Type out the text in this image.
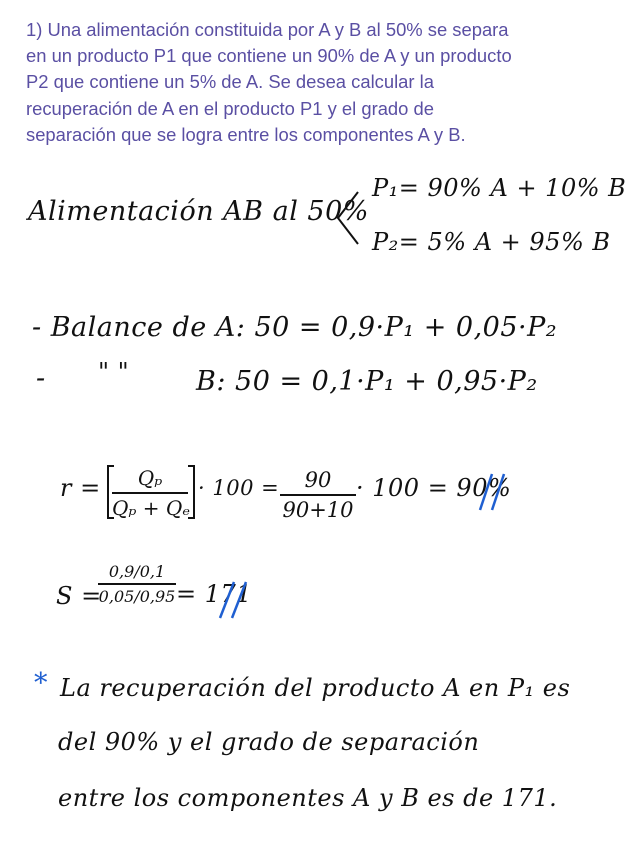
1) Una alimentación constituida por A y B al 50% se separa
en un producto P1 que contiene un 90% de A y un producto
P2 que contiene un 5% de A. Se desea calcular la
recuperación de A en el producto P1 y el grado de
separación que se logra entre los componentes A y B.
Alimentación AB al 50%
P₁= 90% A + 10% B
P₂= 5% A + 95% B
- Balance de A: 50 = 0,9·P₁ + 0,05·P₂
- " " B: 50 = 0,1·P₁ + 0,95·P₂
r =	Qₚ
Qₚ + Qₑ
· 100 =	90
90+10
· 100 = 90%
S =
0,9/0,1
0,05/0,95 = 171
* La recuperación del producto A en P₁ es
del 90% y el grado de separación
entre los componentes A y B es de 171.
